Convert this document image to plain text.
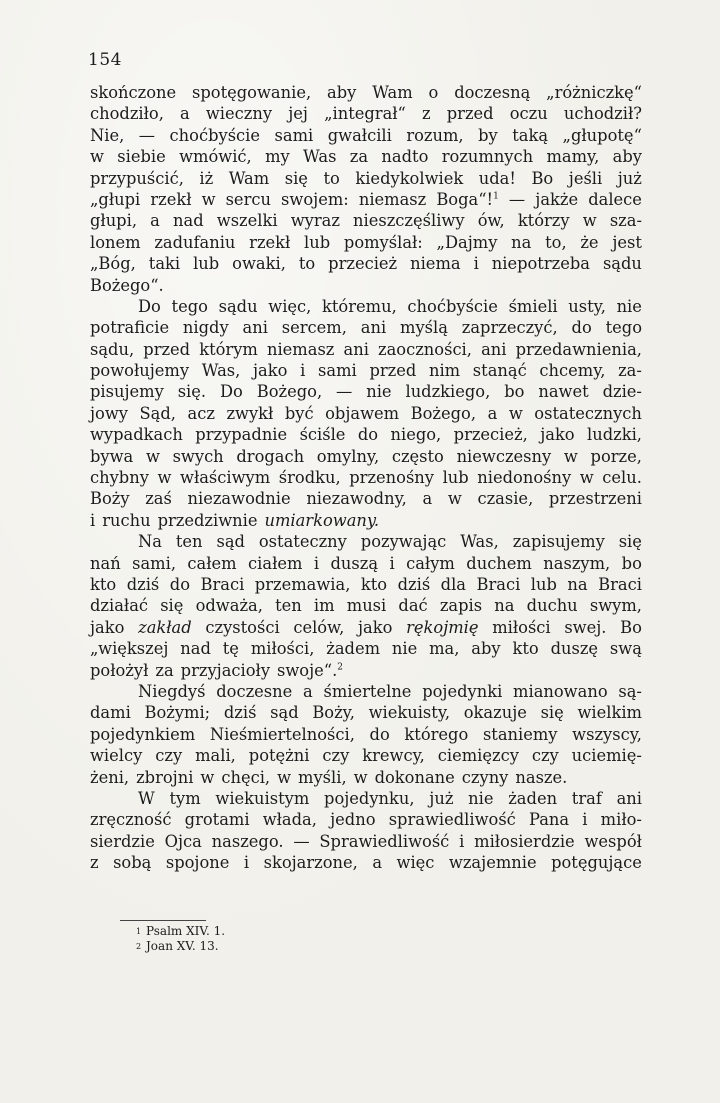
154
skończone spotęgowanie, aby Wam o doczesną „różniczkę“
chodziło, a wieczny jej „integrał“ z przed oczu uchodził?
Nie, — choćbyście sami gwałcili rozum, by taką „głupotę“
w siebie wmówić, my Was za nadto rozumnych mamy, aby
przypuścić, iż Wam się to kiedykolwiek uda! Bo jeśli już
„głupi rzekł w sercu swojem: niemasz Boga“!$^1$ — jakże dalece
głupi, a nad wszelki wyraz nieszczęśliwy ów, którzy w sza-
lonem zadufaniu rzekł lub pomyślał: „Dajmy na to, że jest
„Bóg, taki lub owaki, to przecież niema i niepotrzeba sądu
Bożego“.
Do tego sądu więc, któremu, choćbyście śmieli usty, nie
potraficie nigdy ani sercem, ani myślą zaprzeczyć, do tego
sądu, przed którym niemasz ani zaoczności, ani przedawnienia,
powołujemy Was, jako i sami przed nim stanąć chcemy, za-
pisujemy się. Do Bożego, — nie ludzkiego, bo nawet dzie-
jowy Sąd, acz zwykł być objawem Bożego, a w ostatecznych
wypadkach przypadnie ściśle do niego, przecież, jako ludzki,
bywa w swych drogach omylny, często niewczesny w porze,
chybny w właściwym środku, przenośny lub niedonośny w celu.
Boży zaś niezawodnie niezawodny, a w czasie, przestrzeni
i ruchu przedziwnie umiarkowany.
Na ten sąd ostateczny pozywając Was, zapisujemy się
nań sami, całem ciałem i duszą i całym duchem naszym, bo
kto dziś do Braci przemawia, kto dziś dla Braci lub na Braci
działać się odważa, ten im musi dać zapis na duchu swym,
jako zakład czystości celów, jako rękojmię miłości swej. Bo
„większej nad tę miłości, żadem nie ma, aby kto duszę swą
położył za przyjacioły swoje“.$^2$
Niegdyś doczesne a śmiertelne pojedynki mianowano są-
dami Bożymi; dziś sąd Boży, wiekuisty, okazuje się wielkim
pojedynkiem Nieśmiertelności, do którego staniemy wszyscy,
wielcy czy mali, potężni czy krewcy, ciemięzcy czy uciemię-
żeni, zbrojni w chęci, w myśli, w dokonane czyny nasze.
W tym wiekuistym pojedynku, już nie żaden traf ani
zręczność grotami włada, jedno sprawiedliwość Pana i miło-
sierdzie Ojca naszego. — Sprawiedliwość i miłosierdzie wespół
z sobą spojone i skojarzone, a więc wzajemnie potęgujące
1 Psalm XIV. 1.
2 Joan XV. 13.
